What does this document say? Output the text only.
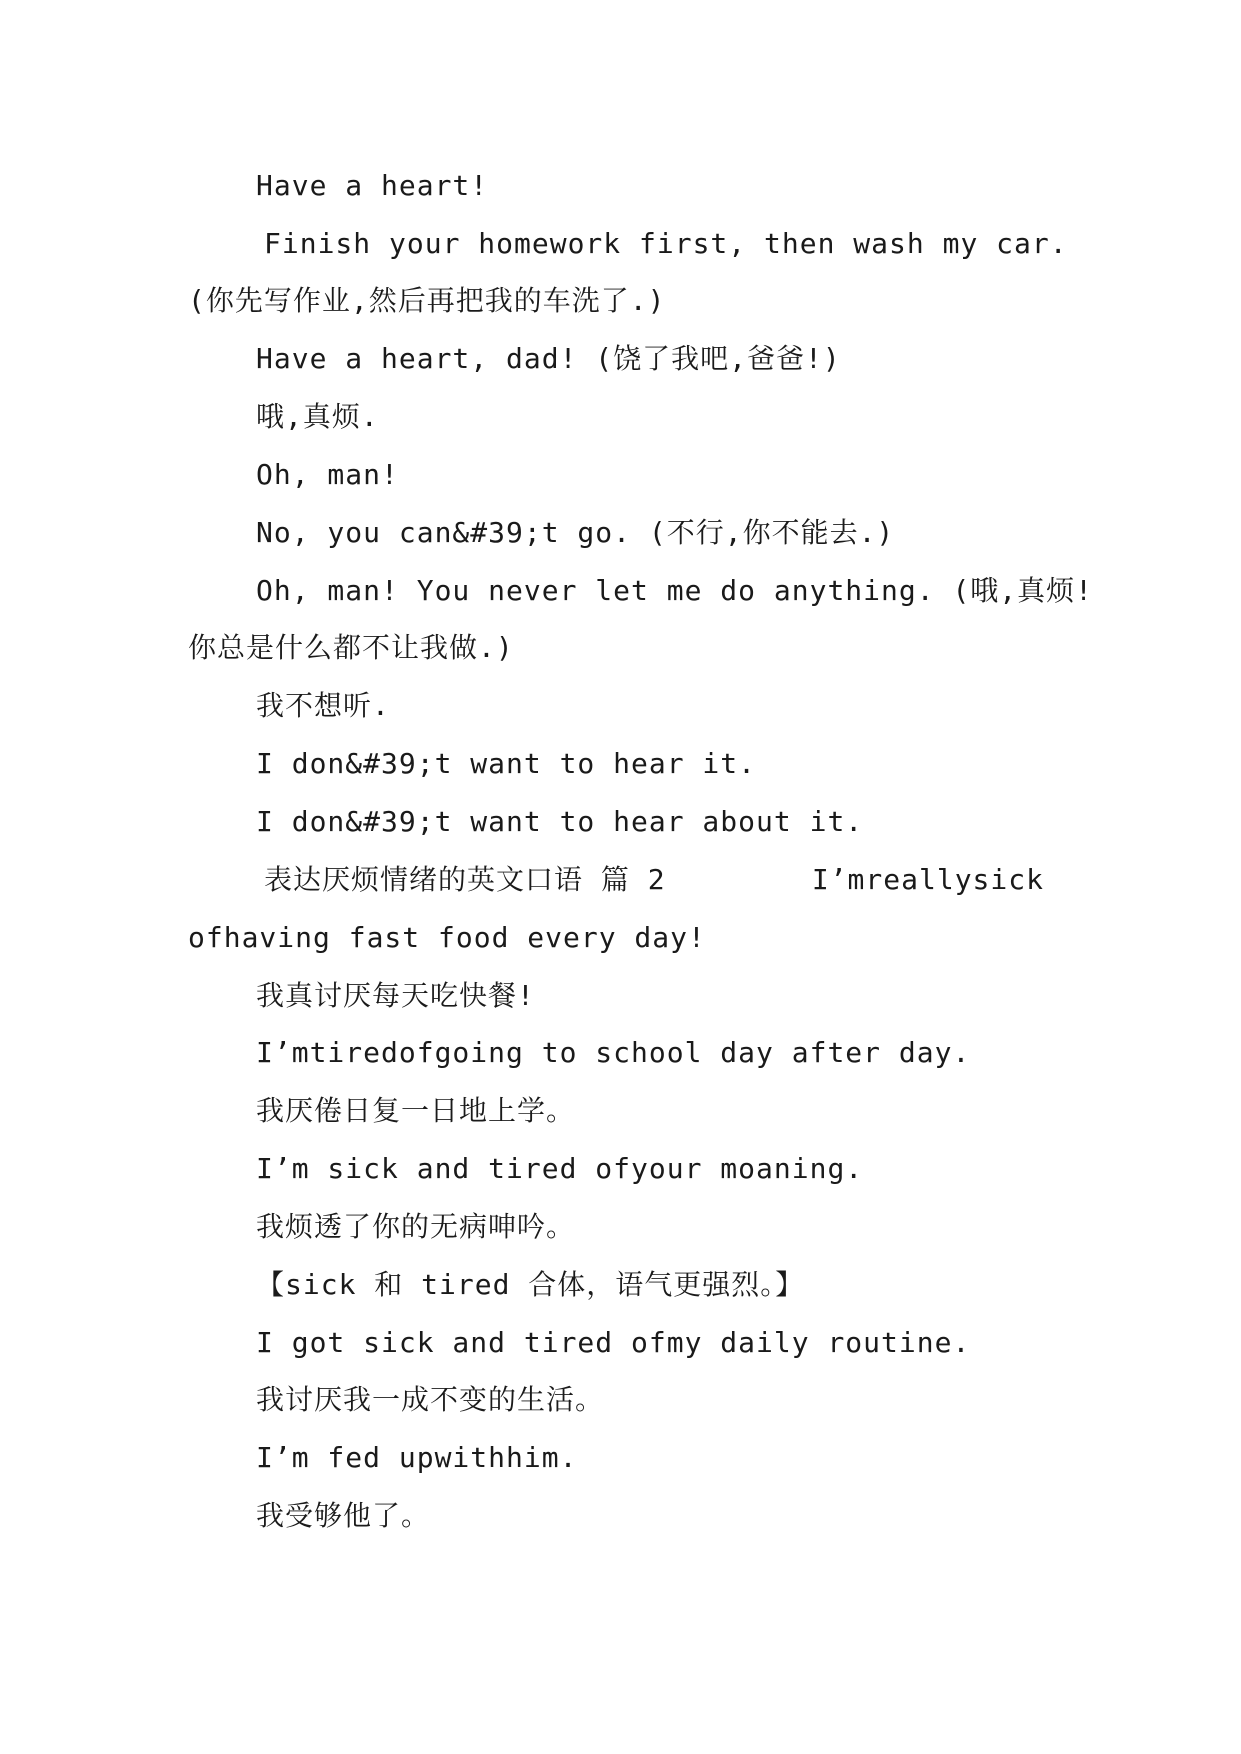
Have a heart!
Finish your homework first, then wash my car.
(你先写作业,然后再把我的车洗了.)
Have a heart, dad! (饶了我吧,爸爸!)
哦,真烦.
Oh, man!
No, you can&#39;t go. (不行,你不能去.)
Oh, man! You never let me do anything. (哦,真烦!
你总是什么都不让我做.)
我不想听.
I don&#39;t want to hear it.
I don&#39;t want to hear about it.
表达厌烦情绪的英文口语 篇 2	I’mreallysick
ofhaving fast food every day!
我真讨厌每天吃快餐!
I’mtiredofgoing to school day after day.
我厌倦日复一日地上学。
I’m sick and tired ofyour moaning.
我烦透了你的无病呻吟。
【sick 和 tired 合体，语气更强烈。】
I got sick and tired ofmy daily routine.
我讨厌我一成不变的生活。
I’m fed upwithhim.
我受够他了。
